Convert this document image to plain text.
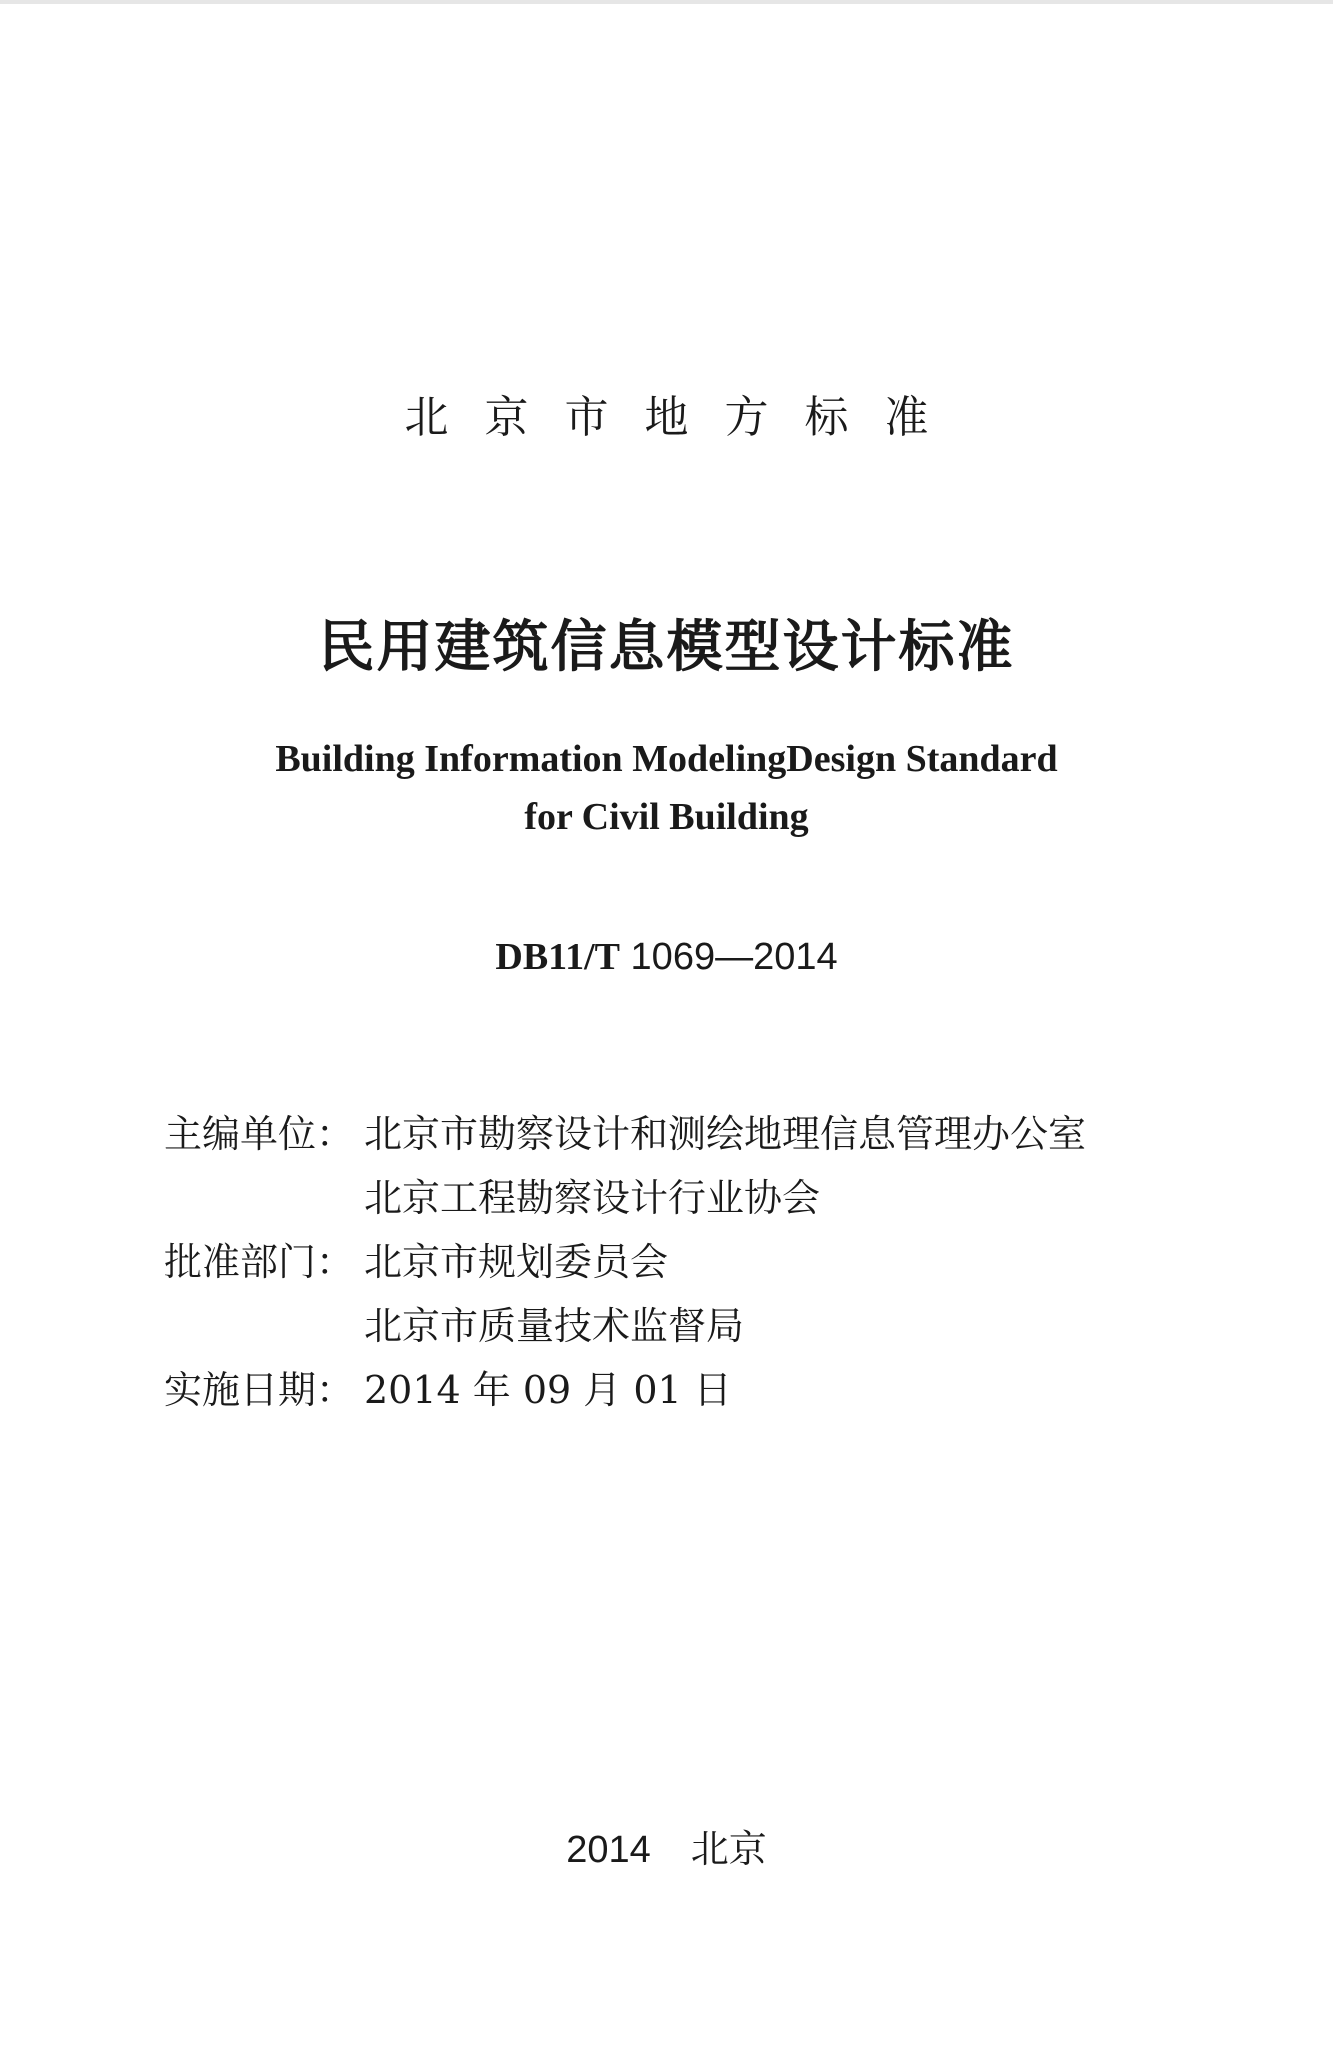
北京市地方标准
民用建筑信息模型设计标准
Building Information ModelingDesign Standard
for Civil Building
DB11/T 1069—2014
主编单位： 北京市勘察设计和测绘地理信息管理办公室
北京工程勘察设计行业协会
批准部门： 北京市规划委员会
北京市质量技术监督局
实施日期： 2014 年 09 月 01 日
2014 北京
